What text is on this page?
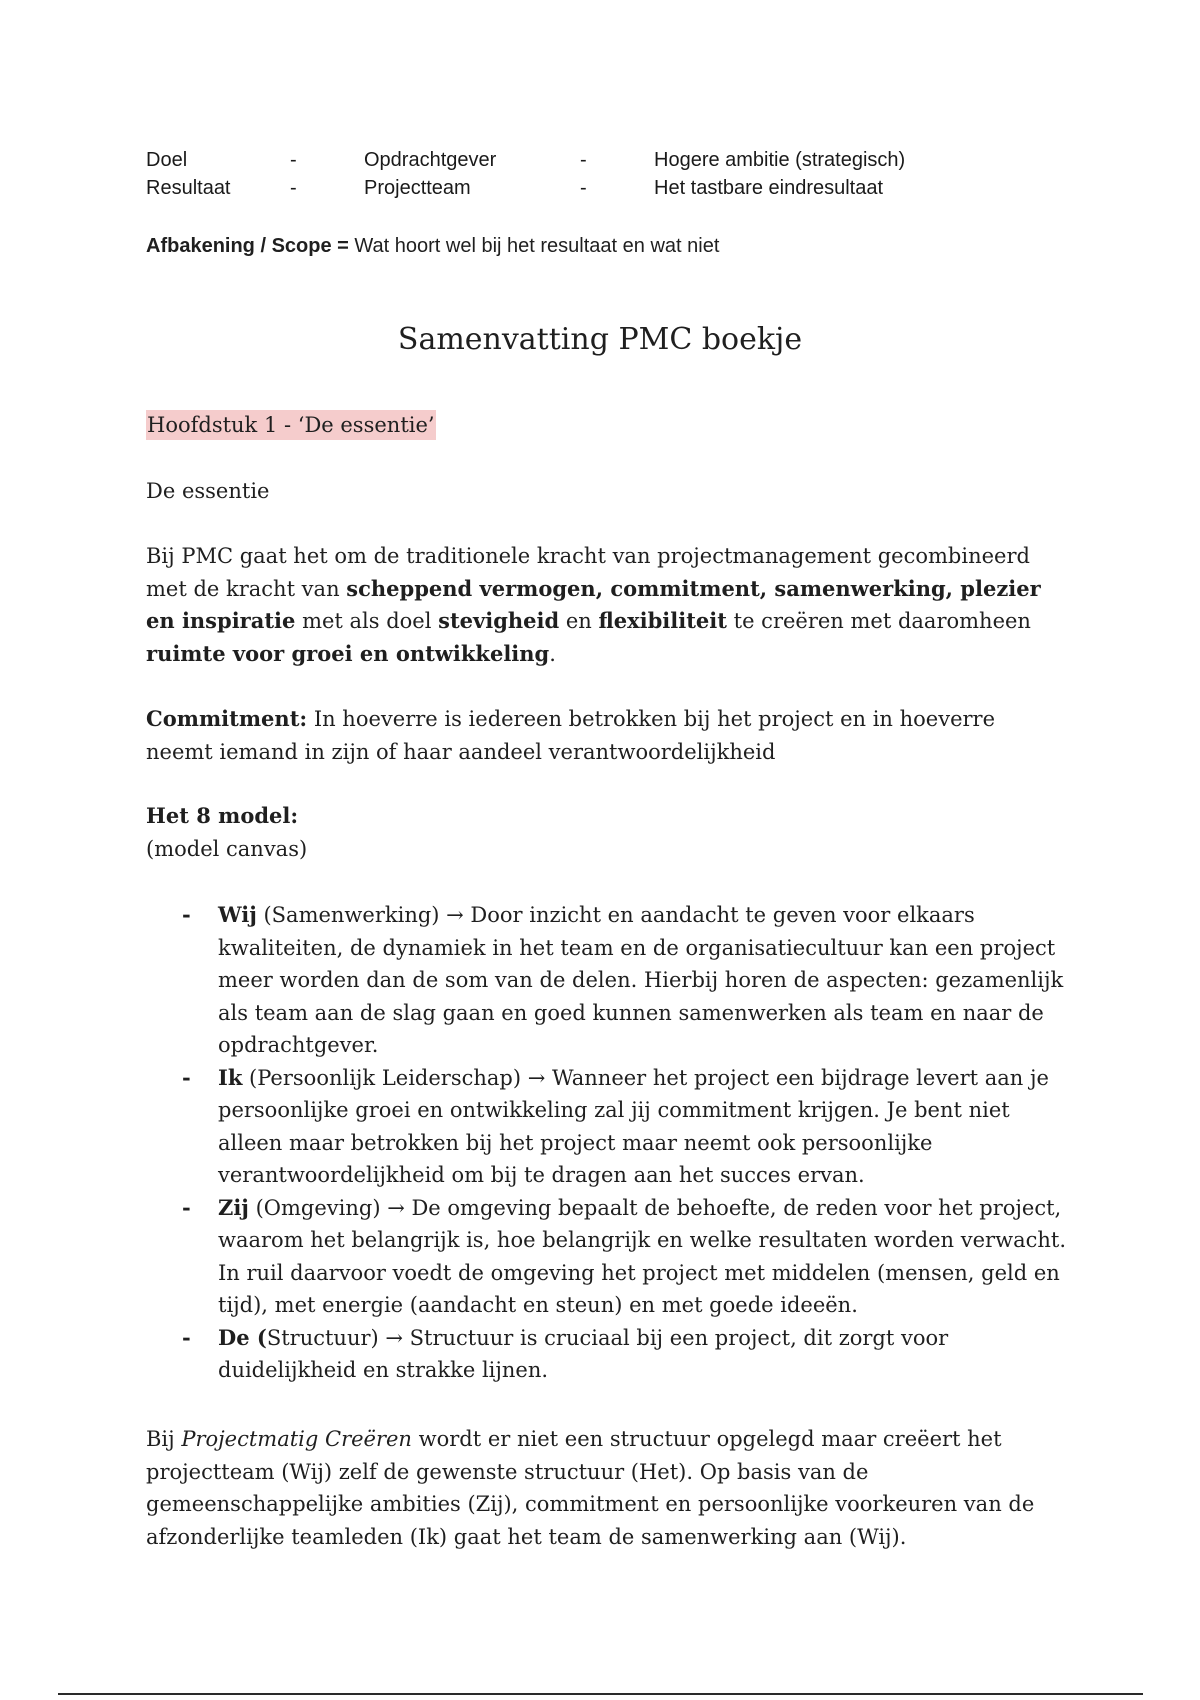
Doel	-	Opdrachtgever	-	Hogere ambitie (strategisch)
Resultaat	-	Projectteam	-	Het tastbare eindresultaat
Afbakening / Scope = Wat hoort wel bij het resultaat en wat niet
Samenvatting PMC boekje
Hoofdstuk 1 - ‘De essentie’
De essentie

Bij PMC gaat het om de traditionele kracht van projectmanagement gecombineerd met de kracht van scheppend vermogen, commitment, samenwerking, plezier en inspiratie met als doel stevigheid en flexibiliteit te creëren met daaromheen ruimte voor groei en ontwikkeling.

Commitment: In hoeverre is iedereen betrokken bij het project en in hoeverre neemt iemand in zijn of haar aandeel verantwoordelijkheid

Het 8 model:

(model canvas)

- Wij (Samenwerking) → Door inzicht en aandacht te geven voor elkaars kwaliteiten, de dynamiek in het team en de organisatiecultuur kan een project meer worden dan de som van de delen. Hierbij horen de aspecten: gezamenlijk als team aan de slag gaan en goed kunnen samenwerken als team en naar de opdrachtgever.
- Ik (Persoonlijk Leiderschap) → Wanneer het project een bijdrage levert aan je persoonlijke groei en ontwikkeling zal jij commitment krijgen. Je bent niet alleen maar betrokken bij het project maar neemt ook persoonlijke verantwoordelijkheid om bij te dragen aan het succes ervan.
- Zij (Omgeving) → De omgeving bepaalt de behoefte, de reden voor het project, waarom het belangrijk is, hoe belangrijk en welke resultaten worden verwacht. In ruil daarvoor voedt de omgeving het project met middelen (mensen, geld en tijd), met energie (aandacht en steun) en met goede ideeën.
- De (Structuur) → Structuur is cruciaal bij een project, dit zorgt voor duidelijkheid en strakke lijnen.

Bij Projectmatig Creëren wordt er niet een structuur opgelegd maar creëert het projectteam (Wij) zelf de gewenste structuur (Het). Op basis van de gemeenschappelijke ambities (Zij), commitment en persoonlijke voorkeuren van de afzonderlijke teamleden (Ik) gaat het team de samenwerking aan (Wij).
